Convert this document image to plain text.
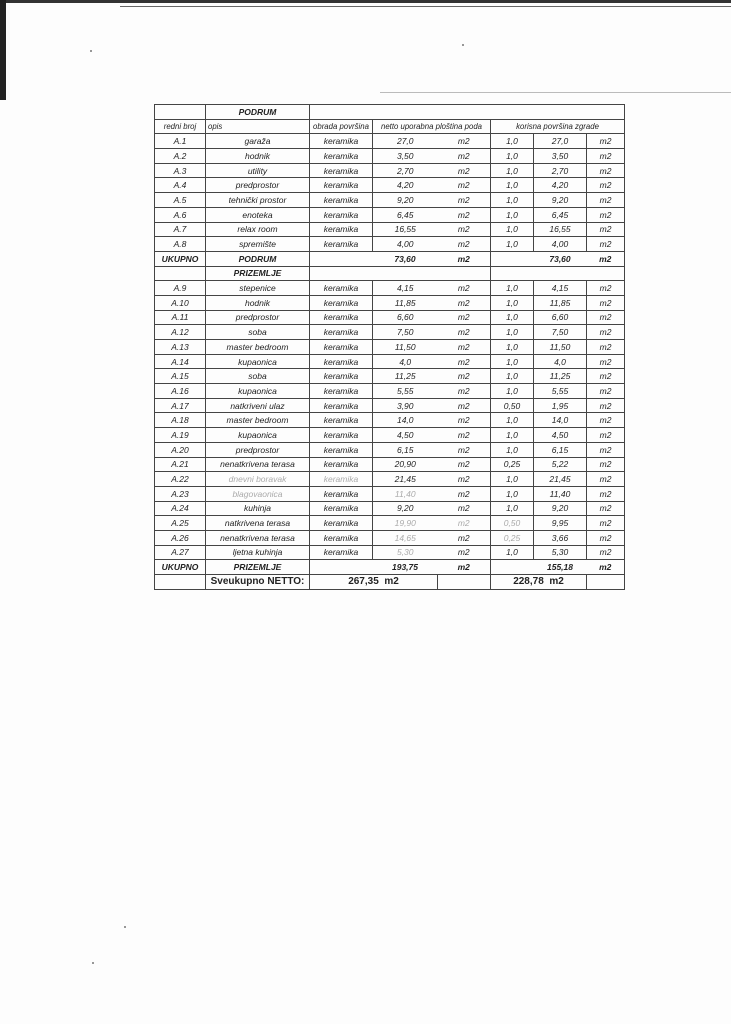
	PODRUM						
redni broj	opis	obrada površina	netto uporabna ploština poda		korisna površina zgrade		
A.1	garaža	keramika	27,0	m2	1,0	27,0	m2
A.2	hodnik	keramika	3,50	m2	1,0	3,50	m2
A.3	utility	keramika	2,70	m2	1,0	2,70	m2
A.4	predprostor	keramika	4,20	m2	1,0	4,20	m2
A.5	tehnički prostor	keramika	9,20	m2	1,0	9,20	m2
A.6	enoteka	keramika	6,45	m2	1,0	6,45	m2
A.7	relax room	keramika	16,55	m2	1,0	16,55	m2
A.8	spremište	keramika	4,00	m2	1,0	4,00	m2
UKUPNO	PODRUM		73,60	m2		73,60	m2
	PRIZEMLJE						
A.9	stepenice	keramika	4,15	m2	1,0	4,15	m2
A.10	hodnik	keramika	11,85	m2	1,0	11,85	m2
A.11	predprostor	keramika	6,60	m2	1,0	6,60	m2
A.12	soba	keramika	7,50	m2	1,0	7,50	m2
A.13	master bedroom	keramika	11,50	m2	1,0	11,50	m2
A.14	kupaonica	keramika	4,0	m2	1,0	4,0	m2
A.15	soba	keramika	11,25	m2	1,0	11,25	m2
A.16	kupaonica	keramika	5,55	m2	1,0	5,55	m2
A.17	natkriveni ulaz	keramika	3,90	m2	0,50	1,95	m2
A.18	master bedroom	keramika	14,0	m2	1,0	14,0	m2
A.19	kupaonica	keramika	4,50	m2	1,0	4,50	m2
A.20	predprostor	keramika	6,15	m2	1,0	6,15	m2
A.21	nenatkrivena terasa	keramika	20,90	m2	0,25	5,22	m2
A.22	dnevni boravak	keramika	21,45	m2	1,0	21,45	m2
A.23	blagovaonica	keramika	11,40	m2	1,0	11,40	m2
A.24	kuhinja	keramika	9,20	m2	1,0	9,20	m2
A.25	natkrivena terasa	keramika	19,90	m2	0,50	9,95	m2
A.26	nenatkrivena terasa	keramika	14,65	m2	0,25	3,66	m2
A.27	ljetna kuhinja	keramika	5,30	m2	1,0	5,30	m2
UKUPNO	PRIZEMLJE		193,75	m2		155,18	m2
	Sveukupno NETTO:	267,35 m2			228,78 m2		
